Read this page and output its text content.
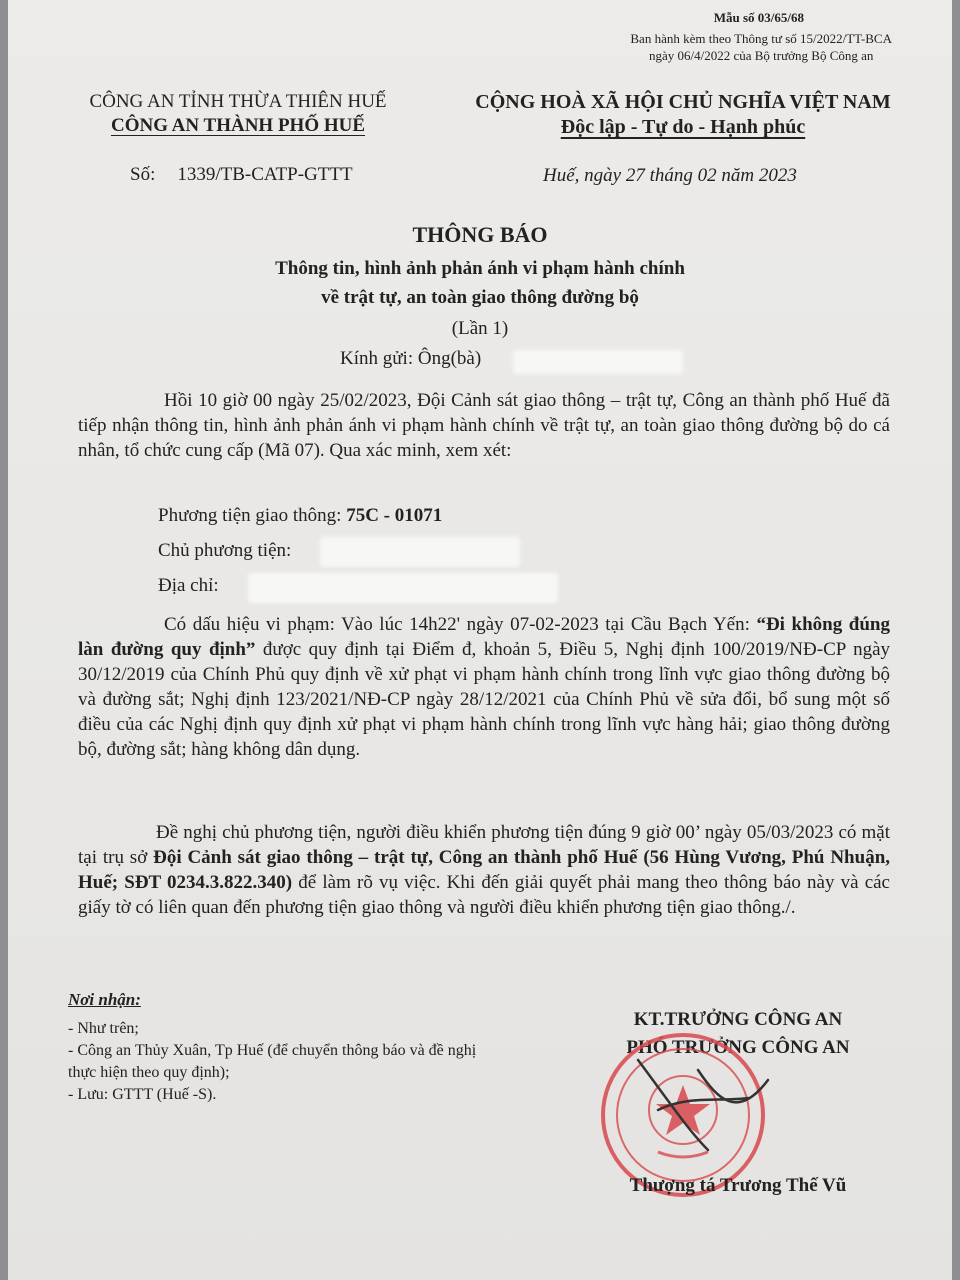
Mẫu số 03/65/68
Ban hành kèm theo Thông tư số 15/2022/TT-BCA
ngày 06/4/2022 của Bộ trưởng Bộ Công an
CÔNG AN TỈNH THỪA THIÊN HUẾ
CÔNG AN THÀNH PHỐ HUẾ
CỘNG HOÀ XÃ HỘI CHỦ NGHĨA VIỆT NAM
Độc lập - Tự do - Hạnh phúc
Số: 1339/TB-CATP-GTTT	Huế, ngày 27 tháng 02 năm 2023
THÔNG BÁO
Thông tin, hình ảnh phản ánh vi phạm hành chính
về trật tự, an toàn giao thông đường bộ
(Lần 1)
Kính gửi: Ông(bà)
Hồi 10 giờ 00 ngày 25/02/2023, Đội Cảnh sát giao thông – trật tự, Công an thành phố Huế đã tiếp nhận thông tin, hình ảnh phản ánh vi phạm hành chính về trật tự, an toàn giao thông đường bộ do cá nhân, tổ chức cung cấp (Mã 07). Qua xác minh, xem xét:
Phương tiện giao thông: 75C - 01071
Chủ phương tiện:
Địa chỉ:
Có dấu hiệu vi phạm: Vào lúc 14h22' ngày 07-02-2023 tại Cầu Bạch Yến: “Đi không đúng làn đường quy định” được quy định tại Điểm đ, khoản 5, Điều 5, Nghị định 100/2019/NĐ-CP ngày 30/12/2019 của Chính Phủ quy định về xử phạt vi phạm hành chính trong lĩnh vực giao thông đường bộ và đường sắt; Nghị định 123/2021/NĐ-CP ngày 28/12/2021 của Chính Phủ về sửa đổi, bổ sung một số điều của các Nghị định quy định xử phạt vi phạm hành chính trong lĩnh vực hàng hải; giao thông đường bộ, đường sắt; hàng không dân dụng.
Đề nghị chủ phương tiện, người điều khiển phương tiện đúng 9 giờ 00’ ngày 05/03/2023 có mặt tại trụ sở Đội Cảnh sát giao thông – trật tự, Công an thành phố Huế (56 Hùng Vương, Phú Nhuận, Huế; SĐT 0234.3.822.340) để làm rõ vụ việc. Khi đến giải quyết phải mang theo thông báo này và các giấy tờ có liên quan đến phương tiện giao thông và người điều khiển phương tiện giao thông./.
Nơi nhận:
- Như trên;
- Công an Thủy Xuân, Tp Huế (để chuyển thông báo và đề nghị thực hiện theo quy định);
- Lưu: GTTT (Huế -S).
KT.TRƯỞNG CÔNG AN
PHÓ TRƯỞNG CÔNG AN
Thượng tá Trương Thế Vũ
